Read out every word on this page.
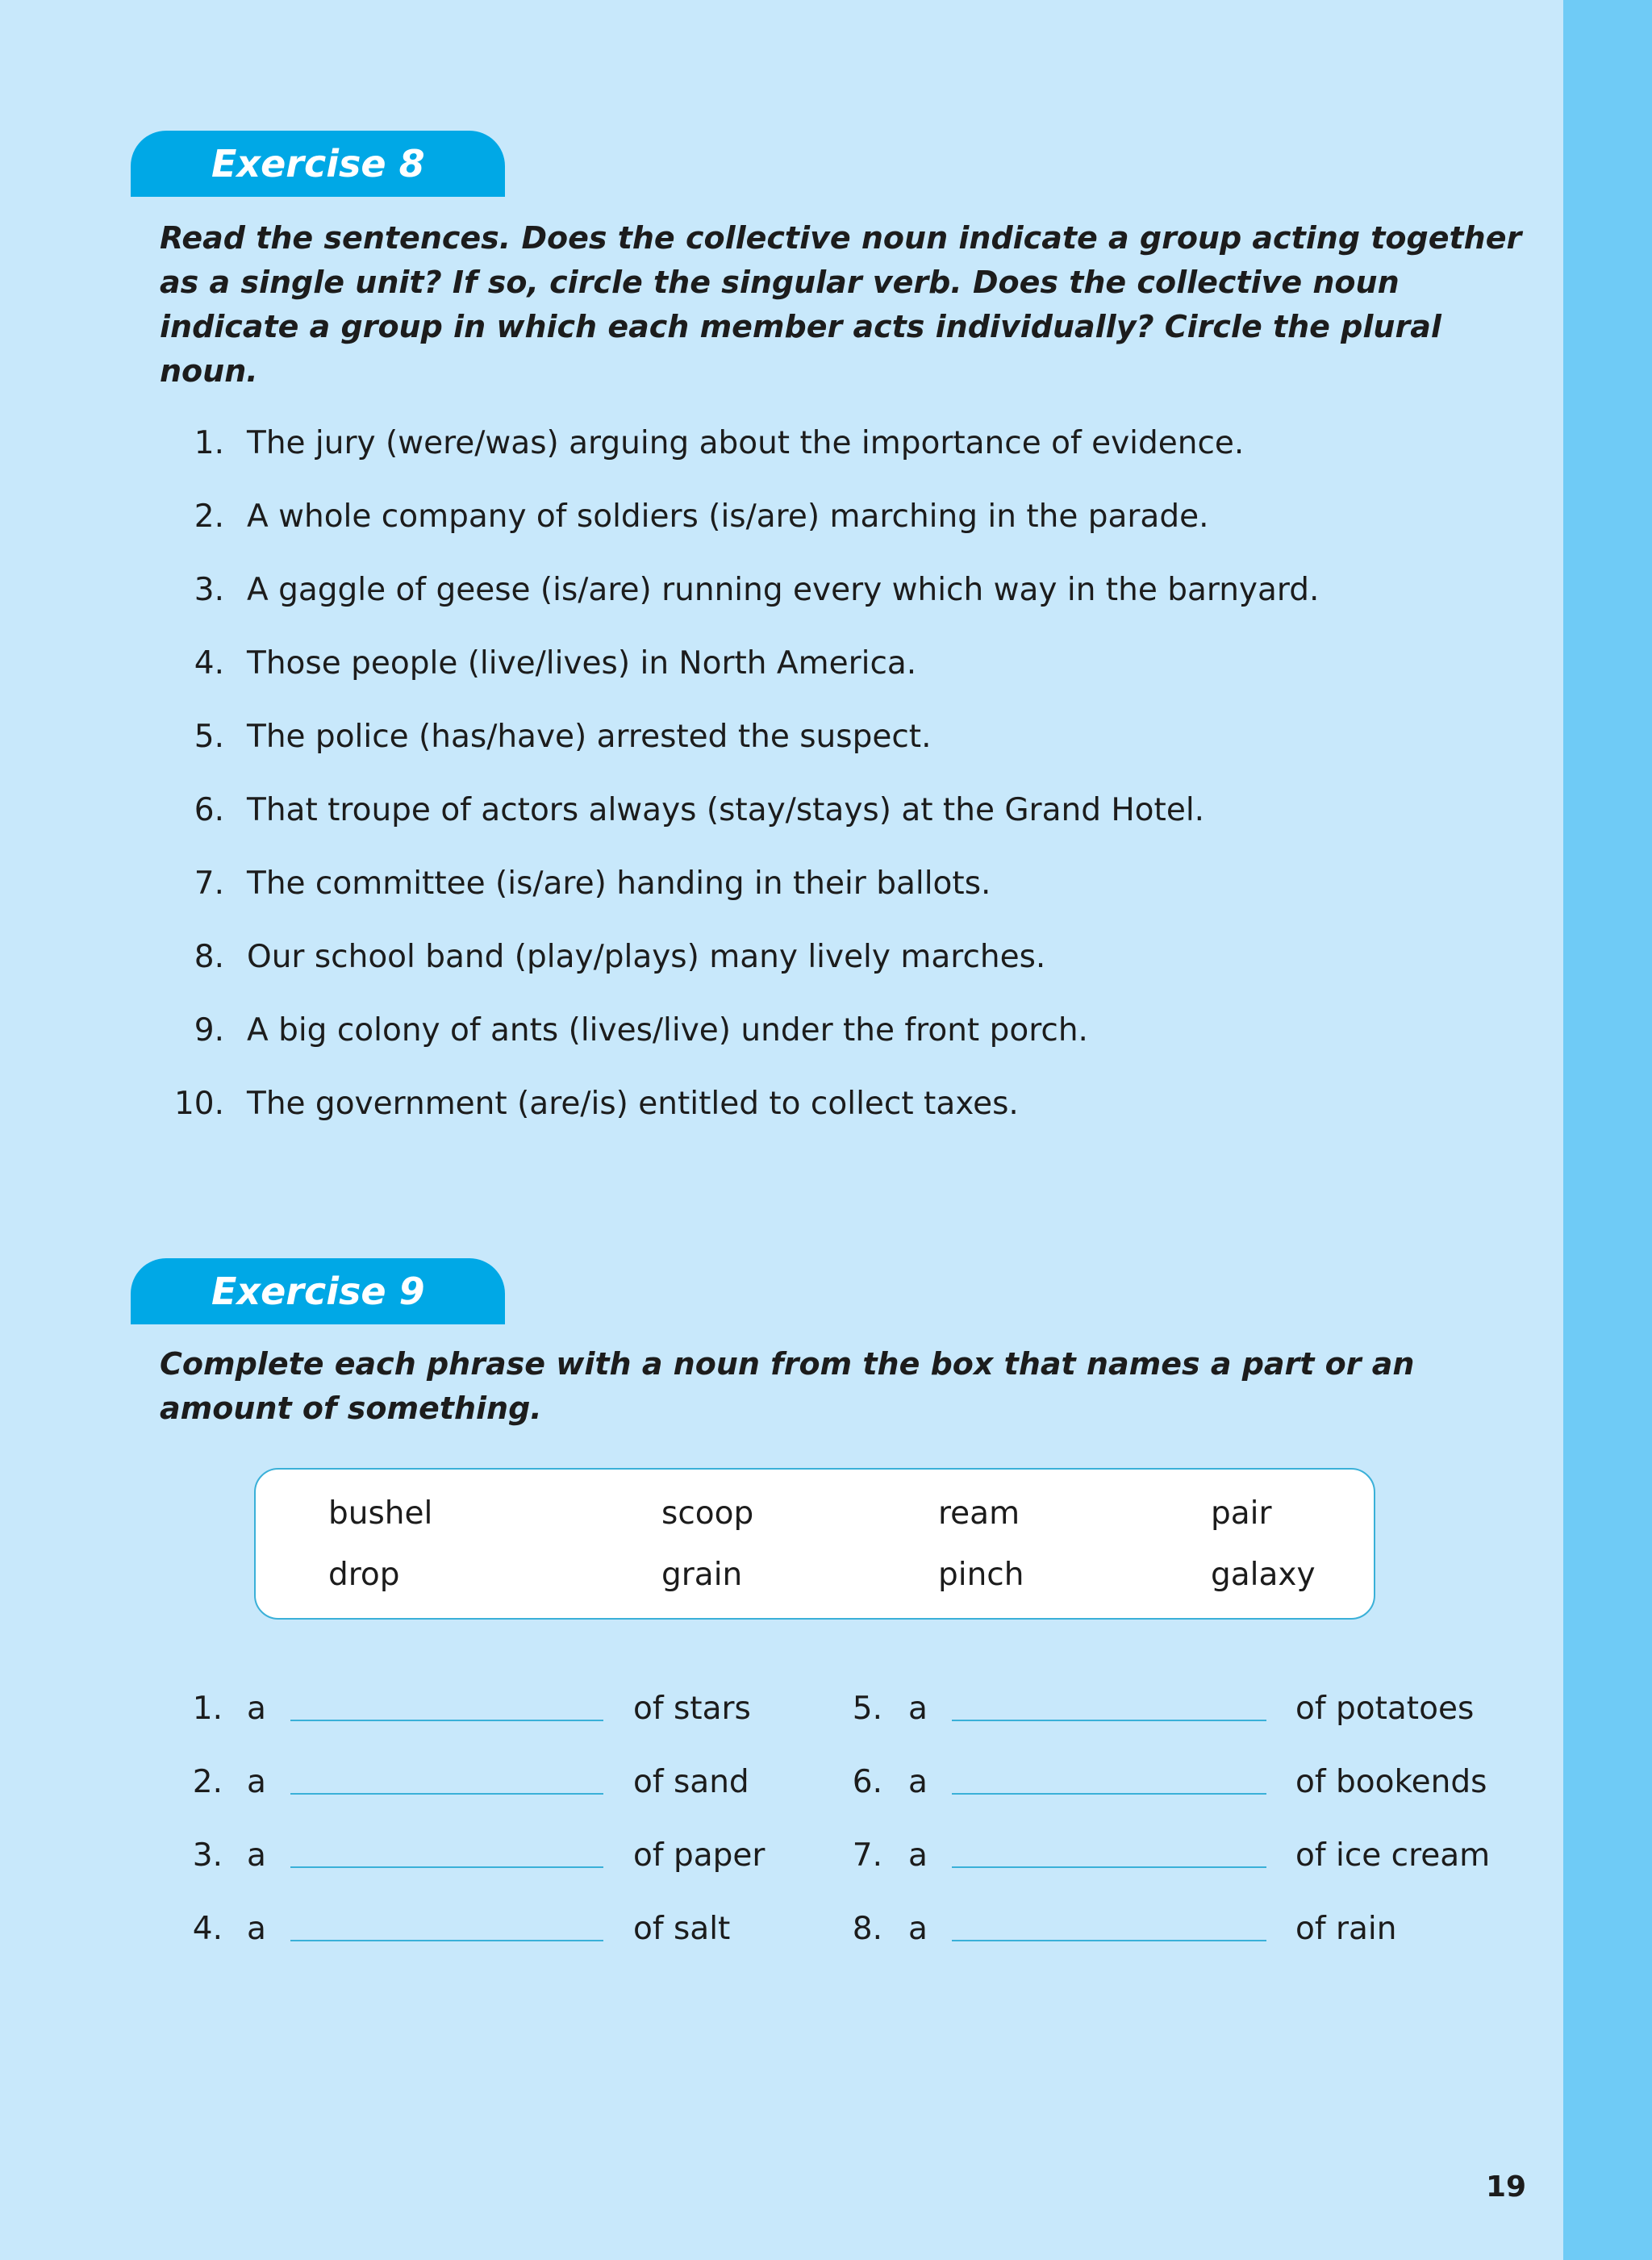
Exercise 8

Read the sentences. Does the collective noun indicate a group acting together as a single unit? If so, circle the singular verb. Does the collective noun indicate a group in which each member acts individually? Circle the plural noun.

1. The jury (were/was) arguing about the importance of evidence.
2. A whole company of soldiers (is/are) marching in the parade.
3. A gaggle of geese (is/are) running every which way in the barnyard.
4. Those people (live/lives) in North America.
5. The police (has/have) arrested the suspect.
6. That troupe of actors always (stay/stays) at the Grand Hotel.
7. The committee (is/are) handing in their ballots.
8. Our school band (play/plays) many lively marches.
9. A big colony of ants (lives/live) under the front porch.
10. The government (are/is) entitled to collect taxes.
Exercise 9

Complete each phrase with a noun from the box that names a part or an amount of something.

bushel	scoop	ream	pair
drop	grain	pinch	galaxy
1. a	of stars	5. a	of potatoes
2. a	of sand	6. a	of bookends
3. a	of paper	7. a	of ice cream
4. a	of salt	8. a	of rain
19
